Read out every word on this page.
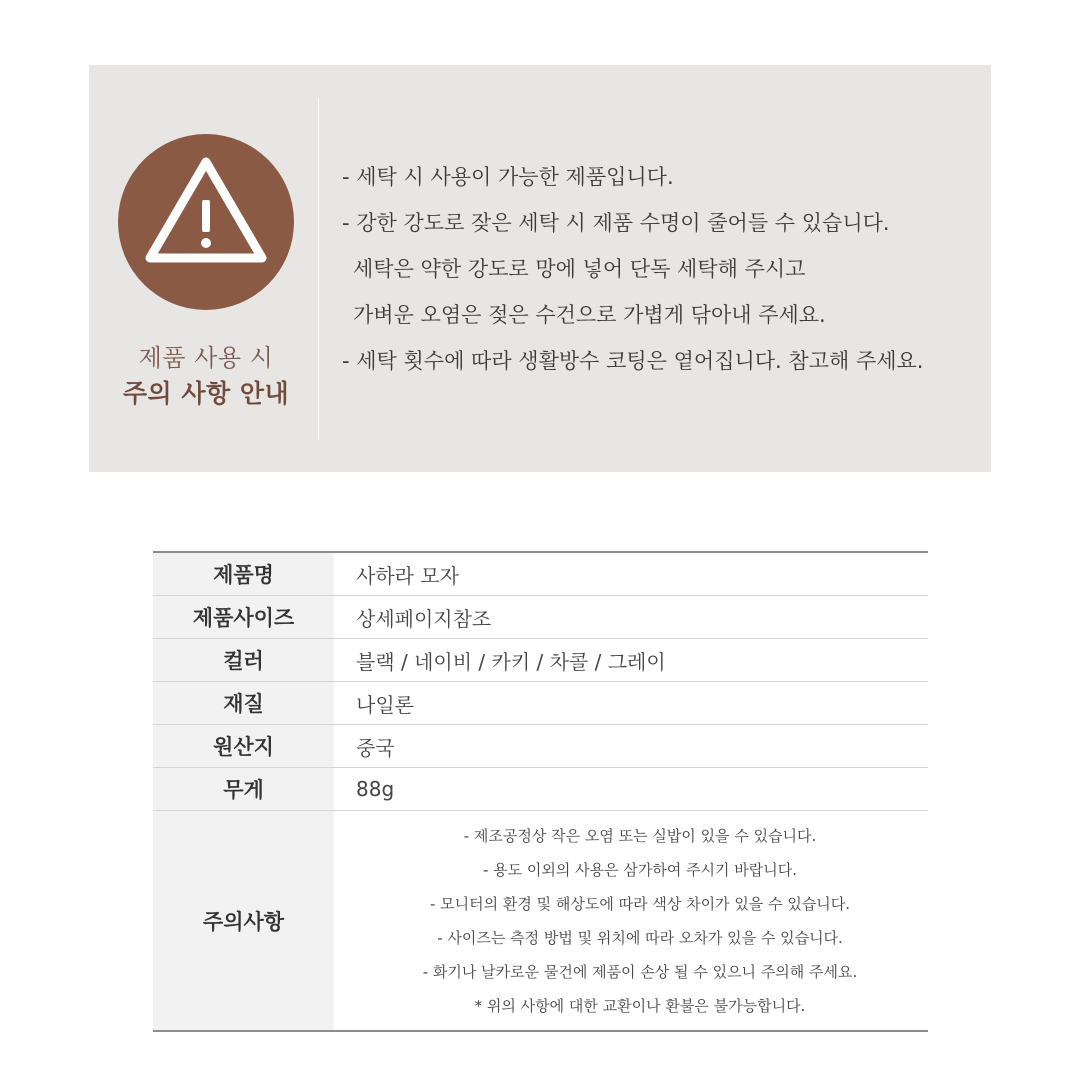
제품 사용 시
주의 사항 안내
- 세탁 시 사용이 가능한 제품입니다.
- 강한 강도로 잦은 세탁 시 제품 수명이 줄어들 수 있습니다.
세탁은 약한 강도로 망에 넣어 단독 세탁해 주시고
가벼운 오염은 젖은 수건으로 가볍게 닦아내 주세요.
- 세탁 횟수에 따라 생활방수 코팅은 옅어집니다. 참고해 주세요.
제품명	사하라 모자
제품사이즈	상세페이지참조
컬러	블랙 / 네이비 / 카키 / 차콜 / 그레이
재질	나일론
원산지	중국
무게	88g
주의사항
- 제조공정상 작은 오염 또는 실밥이 있을 수 있습니다.
- 용도 이외의 사용은 삼가하여 주시기 바랍니다.
- 모니터의 환경 및 해상도에 따라 색상 차이가 있을 수 있습니다.
- 사이즈는 측정 방법 및 위치에 따라 오차가 있을 수 있습니다.
- 화기나 날카로운 물건에 제품이 손상 될 수 있으니 주의해 주세요.
* 위의 사항에 대한 교환이나 환불은 불가능합니다.
